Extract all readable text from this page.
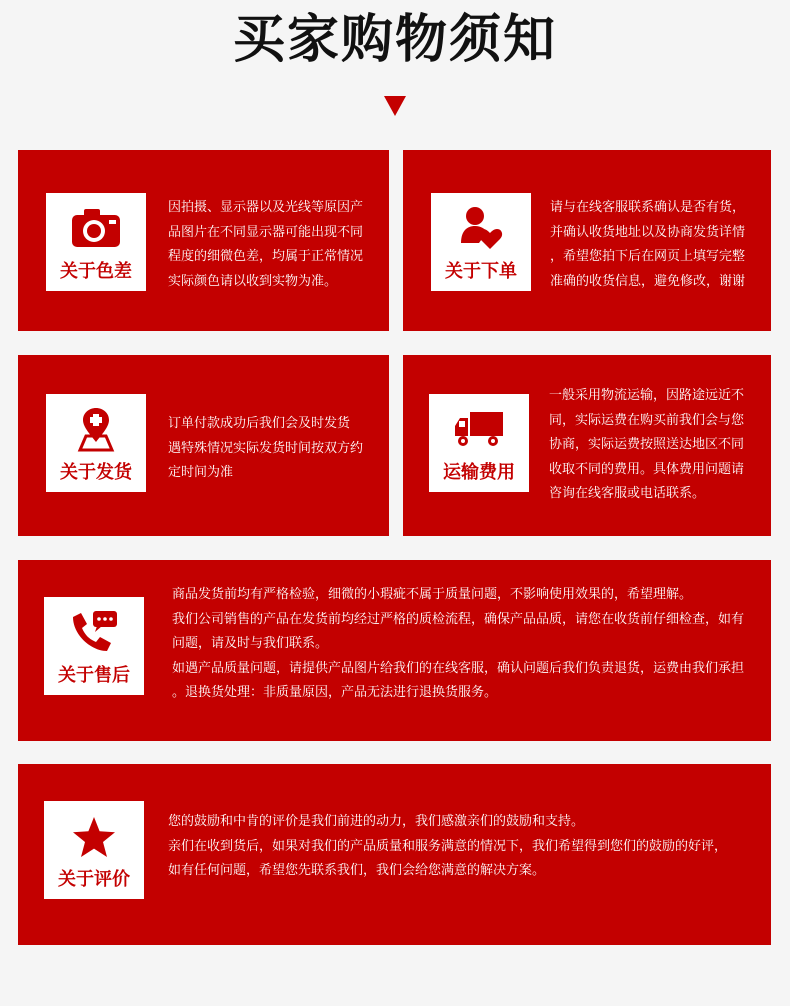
买家购物须知
关于色差

因拍摄、显示器以及光线等原因产

品图片在不同显示器可能出现不同

程度的细微色差，均属于正常情况

实际颜色请以收到实物为准。	关于下单

请与在线客服联系确认是否有货，

并确认收货地址以及协商发货详情

，希望您拍下后在网页上填写完整

准确的收货信息，避免修改，谢谢

关于发货

订单付款成功后我们会及时发货

遇特殊情况实际发货时间按双方约

定时间为准	运输费用

一般采用物流运输，因路途远近不

同，实际运费在购买前我们会与您

协商，实际运费按照送达地区不同

收取不同的费用。具体费用问题请

咨询在线客服或电话联系。

关于售后

商品发货前均有严格检验，细微的小瑕疵不属于质量问题，不影响使用效果的，希望理解。

我们公司销售的产品在发货前均经过严格的质检流程，确保产品品质，请您在收货前仔细检查，如有

问题，请及时与我们联系。

如遇产品质量问题，请提供产品图片给我们的在线客服，确认问题后我们负责退货，运费由我们承担

。退换货处理：非质量原因，产品无法进行退换货服务。

关于评价

您的鼓励和中肯的评价是我们前进的动力，我们感激亲们的鼓励和支持。

亲们在收到货后，如果对我们的产品质量和服务满意的情况下，我们希望得到您们的鼓励的好评，

如有任何问题，希望您先联系我们，我们会给您满意的解决方案。
